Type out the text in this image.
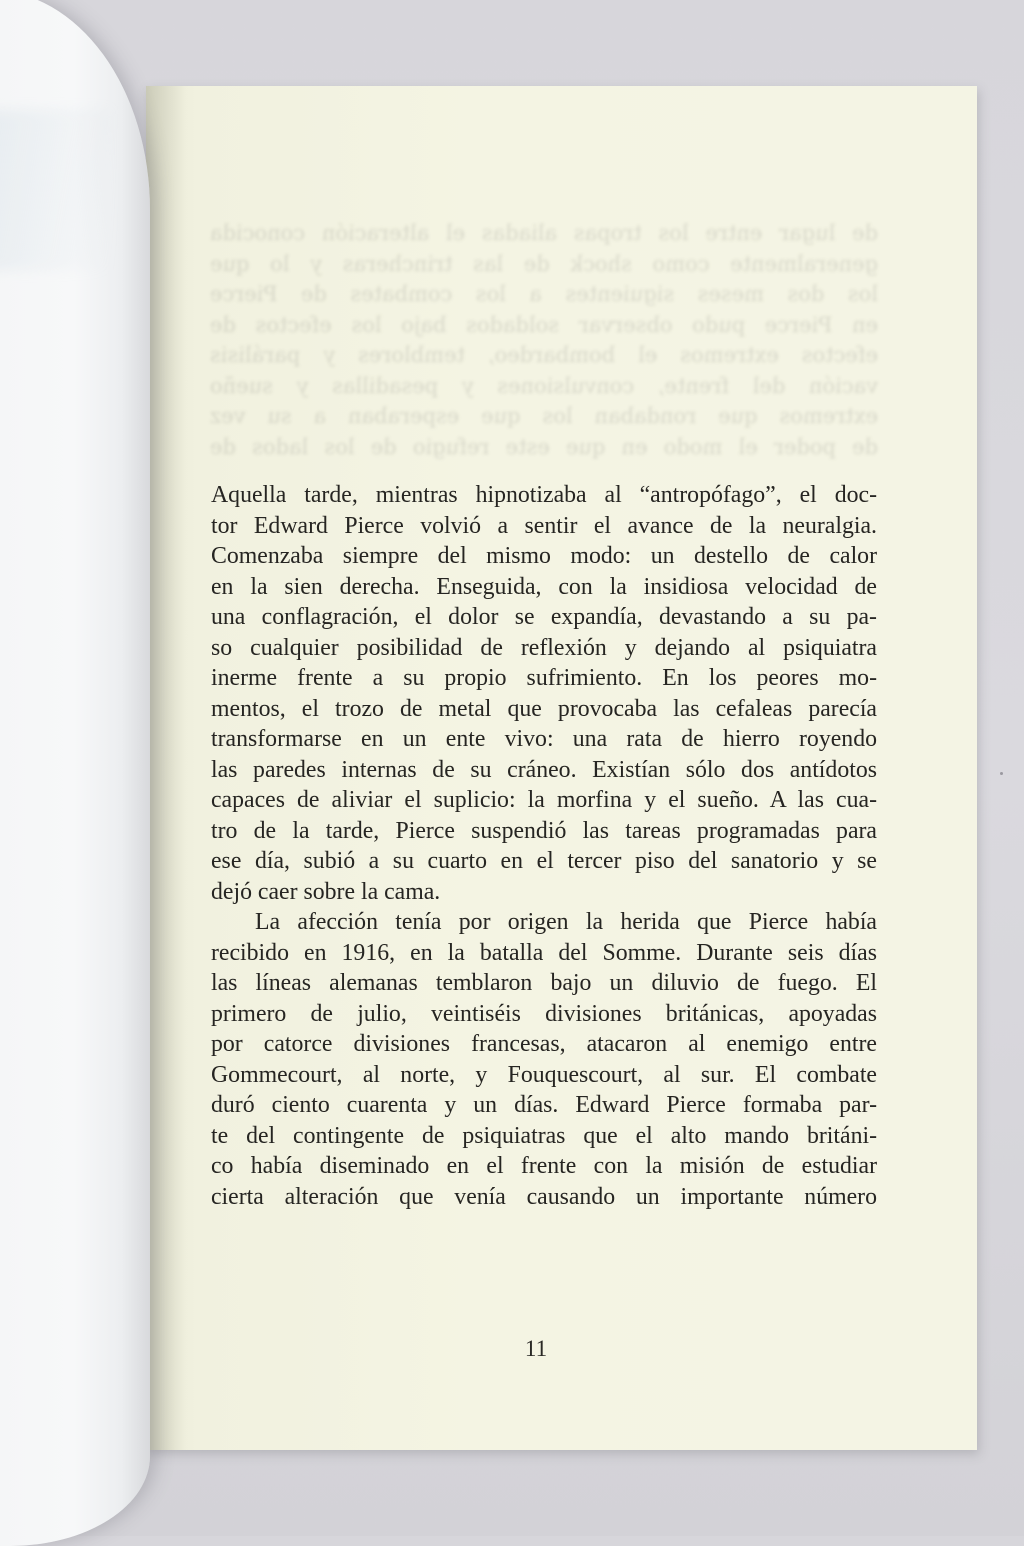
de lugar entre los tropas aliadas el alteración conocida
generalmente como shock de las trincheras y lo que
los dos meses siguientes a los combates de Pierce
en Pierce pudo observar soldados bajo los efectos de
efectos extremos el bombardeo, temblores y parálisis
vación del frente, convulsiones y pesadillas y sueño
extremos que rondaban los que esperaban a su vez
de poder el modo en que este refugio de los lados de

Aquella tarde, mientras hipnotizaba al “antropófago”, el doc-
tor Edward Pierce volvió a sentir el avance de la neuralgia.
Comenzaba siempre del mismo modo: un destello de calor
en la sien derecha. Enseguida, con la insidiosa velocidad de
una conflagración, el dolor se expandía, devastando a su pa-
so cualquier posibilidad de reflexión y dejando al psiquiatra
inerme frente a su propio sufrimiento. En los peores mo-
mentos, el trozo de metal que provocaba las cefaleas parecía
transformarse en un ente vivo: una rata de hierro royendo
las paredes internas de su cráneo. Existían sólo dos antídotos
capaces de aliviar el suplicio: la morfina y el sueño. A las cua-
tro de la tarde, Pierce suspendió las tareas programadas para
ese día, subió a su cuarto en el tercer piso del sanatorio y se
dejó caer sobre la cama.

La afección tenía por origen la herida que Pierce había
recibido en 1916, en la batalla del Somme. Durante seis días
las líneas alemanas temblaron bajo un diluvio de fuego. El
primero de julio, veintiséis divisiones británicas, apoyadas
por catorce divisiones francesas, atacaron al enemigo entre
Gommecourt, al norte, y Fouquescourt, al sur. El combate
duró ciento cuarenta y un días. Edward Pierce formaba par-
te del contingente de psiquiatras que el alto mando británi-
co había diseminado en el frente con la misión de estudiar
cierta alteración que venía causando un importante número

11
